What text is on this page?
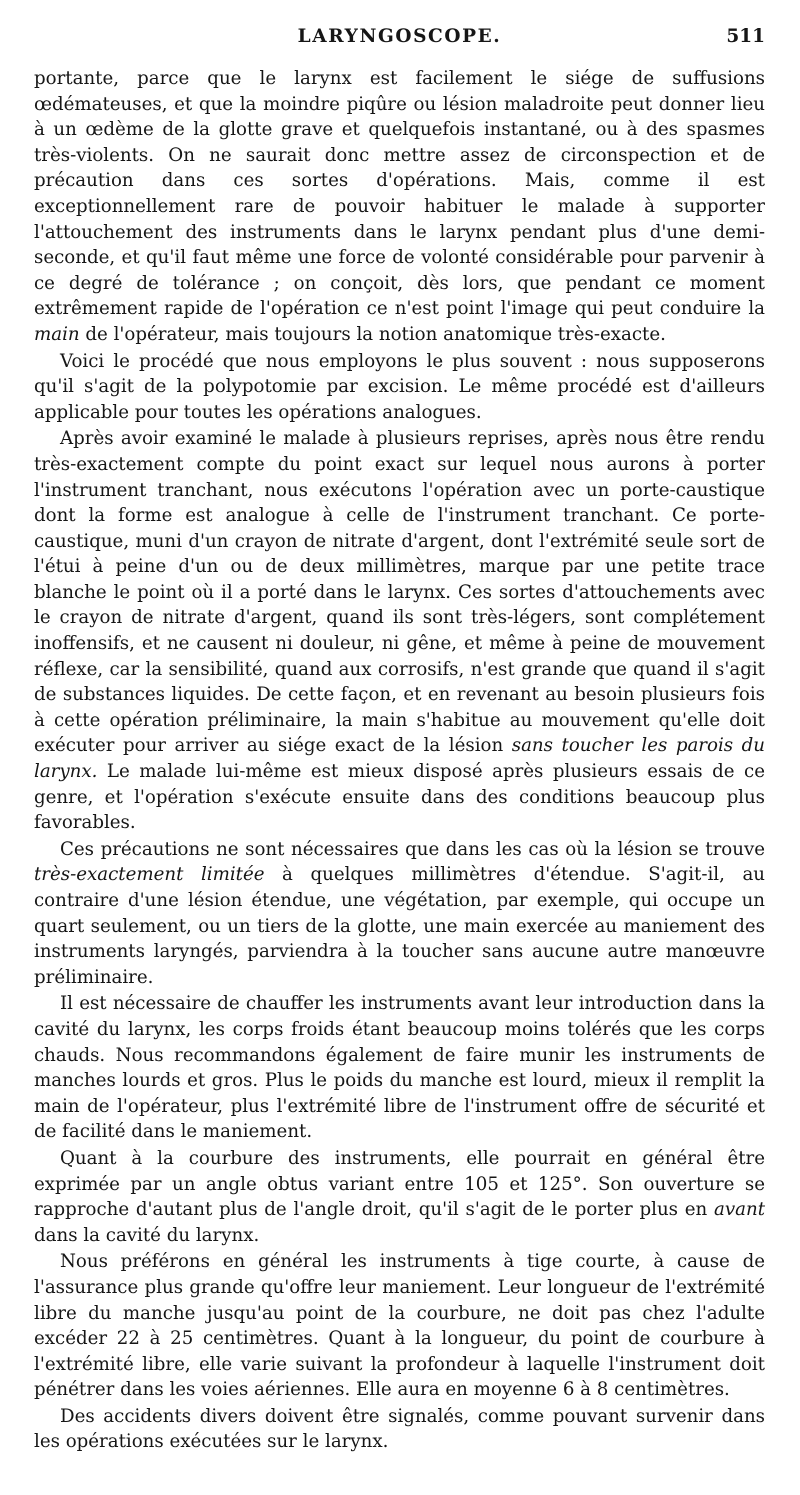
LARYNGOSCOPE.	511

portante, parce que le larynx est facilement le siége de suffusions œdémateuses, et que la moindre piqûre ou lésion maladroite peut donner lieu à un œdème de la glotte grave et quelquefois instantané, ou à des spasmes très-violents. On ne saurait donc mettre assez de circonspection et de précaution dans ces sortes d'opérations. Mais, comme il est exceptionnellement rare de pouvoir habituer le malade à supporter l'attouchement des instruments dans le larynx pendant plus d'une demi-seconde, et qu'il faut même une force de volonté considérable pour parvenir à ce degré de tolérance ; on conçoit, dès lors, que pendant ce moment extrêmement rapide de l'opération ce n'est point l'image qui peut conduire la main de l'opérateur, mais toujours la notion anatomique très-exacte.

Voici le procédé que nous employons le plus souvent : nous supposerons qu'il s'agit de la polypotomie par excision. Le même procédé est d'ailleurs applicable pour toutes les opérations analogues.

Après avoir examiné le malade à plusieurs reprises, après nous être rendu très-exactement compte du point exact sur lequel nous aurons à porter l'instrument tranchant, nous exécutons l'opération avec un porte-caustique dont la forme est analogue à celle de l'instrument tranchant. Ce porte-caustique, muni d'un crayon de nitrate d'argent, dont l'extrémité seule sort de l'étui à peine d'un ou de deux millimètres, marque par une petite trace blanche le point où il a porté dans le larynx. Ces sortes d'attouchements avec le crayon de nitrate d'argent, quand ils sont très-légers, sont complétement inoffensifs, et ne causent ni douleur, ni gêne, et même à peine de mouvement réflexe, car la sensibilité, quand aux corrosifs, n'est grande que quand il s'agit de substances liquides. De cette façon, et en revenant au besoin plusieurs fois à cette opération préliminaire, la main s'habitue au mouvement qu'elle doit exécuter pour arriver au siége exact de la lésion sans toucher les parois du larynx. Le malade lui-même est mieux disposé après plusieurs essais de ce genre, et l'opération s'exécute ensuite dans des conditions beaucoup plus favorables.

Ces précautions ne sont nécessaires que dans les cas où la lésion se trouve très-exactement limitée à quelques millimètres d'étendue. S'agit-il, au contraire d'une lésion étendue, une végétation, par exemple, qui occupe un quart seulement, ou un tiers de la glotte, une main exercée au maniement des instruments laryngés, parviendra à la toucher sans aucune autre manœuvre préliminaire.

Il est nécessaire de chauffer les instruments avant leur introduction dans la cavité du larynx, les corps froids étant beaucoup moins tolérés que les corps chauds. Nous recommandons également de faire munir les instruments de manches lourds et gros. Plus le poids du manche est lourd, mieux il remplit la main de l'opérateur, plus l'extrémité libre de l'instrument offre de sécurité et de facilité dans le maniement.

Quant à la courbure des instruments, elle pourrait en général être exprimée par un angle obtus variant entre 105 et 125°. Son ouverture se rapproche d'autant plus de l'angle droit, qu'il s'agit de le porter plus en avant dans la cavité du larynx.

Nous préférons en général les instruments à tige courte, à cause de l'assurance plus grande qu'offre leur maniement. Leur longueur de l'extrémité libre du manche jusqu'au point de la courbure, ne doit pas chez l'adulte excéder 22 à 25 centimètres. Quant à la longueur, du point de courbure à l'extrémité libre, elle varie suivant la profondeur à laquelle l'instrument doit pénétrer dans les voies aériennes. Elle aura en moyenne 6 à 8 centimètres.

Des accidents divers doivent être signalés, comme pouvant survenir dans les opérations exécutées sur le larynx.
